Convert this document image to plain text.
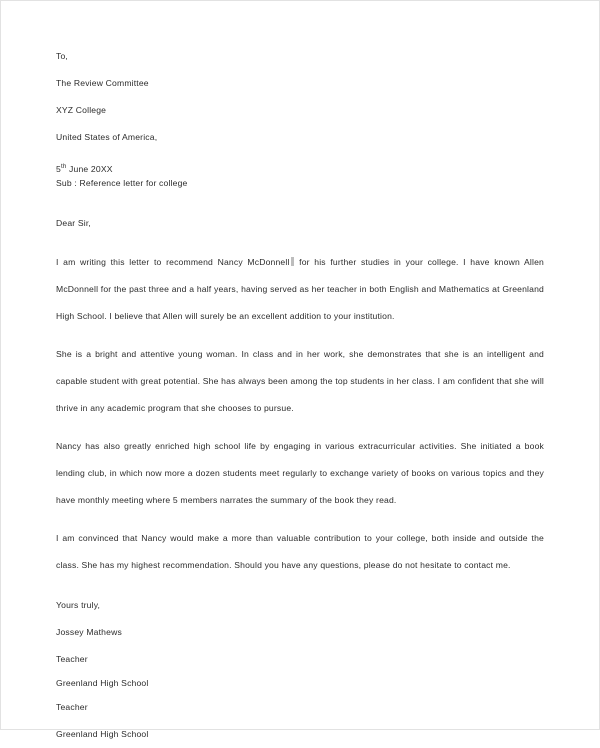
To,
The Review Committee
XYZ College
United States of America,
5th June 20XX
Sub : Reference letter for college
Dear Sir,

I am writing this letter to recommend Nancy McDonnell for his further studies in your college. I have known Allen McDonnell for the past three and a half years, having served as her teacher in both English and Mathematics at Greenland High School. I believe that Allen will surely be an excellent addition to your institution.

She is a bright and attentive young woman. In class and in her work, she demonstrates that she is an intelligent and capable student with great potential. She has always been among the top students in her class. I am confident that she will thrive in any academic program that she chooses to pursue.

Nancy has also greatly enriched high school life by engaging in various extracurricular activities. She initiated a book lending club, in which now more a dozen students meet regularly to exchange variety of books on various topics and they have monthly meeting where 5 members narrates the summary of the book they read.

I am convinced that Nancy would make a more than valuable contribution to your college, both inside and outside the class. She has my highest recommendation. Should you have any questions, please do not hesitate to contact me.

Yours truly,
Jossey Mathews
Teacher
Greenland High School
Teacher
Greenland High School
